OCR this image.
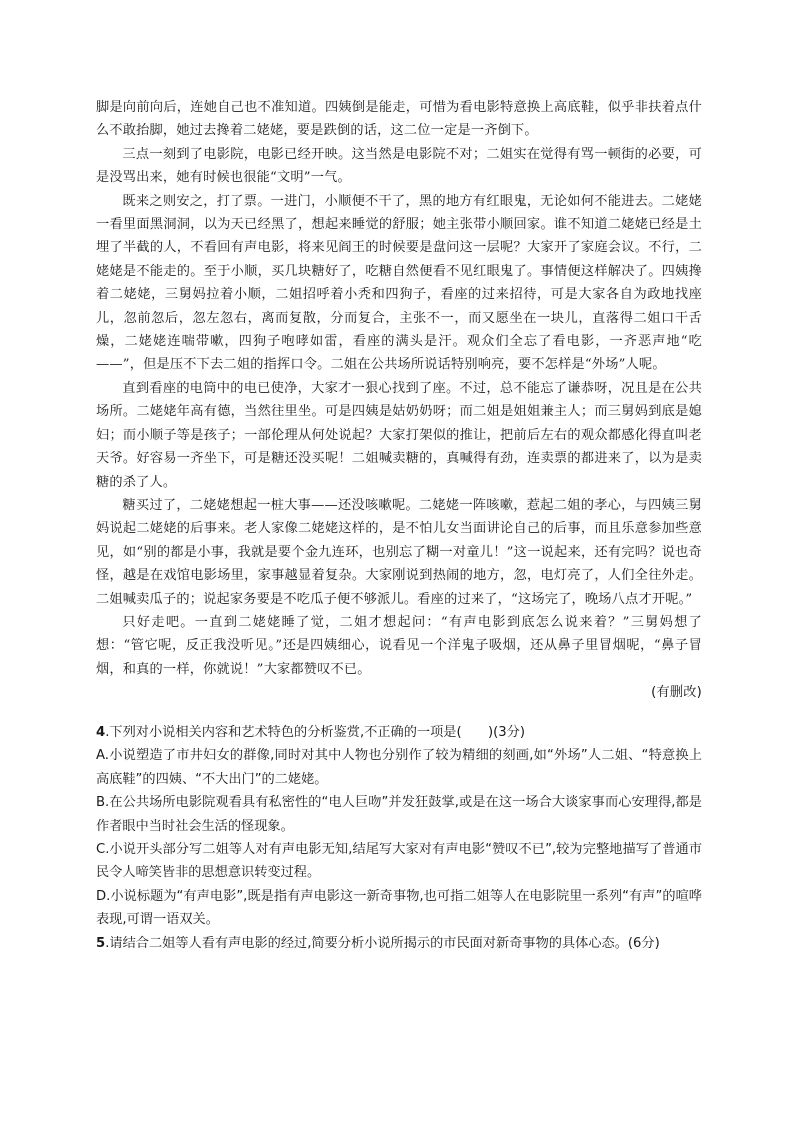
脚是向前向后，连她自己也不准知道。四姨倒是能走，可惜为看电影特意换上高底鞋，似乎非扶着点什么不敢抬脚，她过去搀着二姥姥，要是跌倒的话，这二位一定是一齐倒下。

三点一刻到了电影院，电影已经开映。这当然是电影院不对；二姐实在觉得有骂一顿街的必要，可是没骂出来，她有时候也很能“文明”一气。

既来之则安之，打了票。一进门，小顺便不干了，黑的地方有红眼鬼，无论如何不能进去。二姥姥一看里面黑洞洞，以为天已经黑了，想起来睡觉的舒服；她主张带小顺回家。谁不知道二姥姥已经是土埋了半截的人，不看回有声电影，将来见阎王的时候要是盘问这一层呢？大家开了家庭会议。不行，二姥姥是不能走的。至于小顺，买几块糖好了，吃糖自然便看不见红眼鬼了。事情便这样解决了。四姨搀着二姥姥，三舅妈拉着小顺，二姐招呼着小秃和四狗子，看座的过来招待，可是大家各自为政地找座儿，忽前忽后，忽左忽右，离而复散，分而复合，主张不一，而又愿坐在一块儿，直落得二姐口干舌燥，二姥姥连喘带嗽，四狗子咆哮如雷，看座的满头是汗。观众们全忘了看电影，一齐恶声地“吃——”，但是压不下去二姐的指挥口令。二姐在公共场所说话特别响亮，要不怎样是“外场”人呢。

直到看座的电筒中的电已使净，大家才一狠心找到了座。不过，总不能忘了谦恭呀，况且是在公共场所。二姥姥年高有德，当然往里坐。可是四姨是姑奶奶呀；而二姐是姐姐兼主人；而三舅妈到底是媳妇；而小顺子等是孩子；一部伦理从何处说起？大家打架似的推让，把前后左右的观众都感化得直叫老天爷。好容易一齐坐下，可是糖还没买呢！二姐喊卖糖的，真喊得有劲，连卖票的都进来了，以为是卖糖的杀了人。

糖买过了，二姥姥想起一桩大事——还没咳嗽呢。二姥姥一阵咳嗽，惹起二姐的孝心，与四姨三舅妈说起二姥姥的后事来。老人家像二姥姥这样的，是不怕儿女当面讲论自己的后事，而且乐意参加些意见，如“别的都是小事，我就是要个金九连环，也别忘了糊一对童儿！”这一说起来，还有完吗？说也奇怪，越是在戏馆电影场里，家事越显着复杂。大家刚说到热闹的地方，忽，电灯亮了，人们全往外走。二姐喊卖瓜子的；说起家务要是不吃瓜子便不够派儿。看座的过来了，“这场完了，晚场八点才开呢。”

只好走吧。一直到二姥姥睡了觉，二姐才想起问：“有声电影到底怎么说来着？”三舅妈想了想：“管它呢，反正我没听见。”还是四姨细心，说看见一个洋鬼子吸烟，还从鼻子里冒烟呢，“鼻子冒烟，和真的一样，你就说！”大家都赞叹不已。

(有删改)

4.下列对小说相关内容和艺术特色的分析鉴赏,不正确的一项是(　　)(3分)

A.小说塑造了市井妇女的群像,同时对其中人物也分别作了较为精细的刻画,如“外场”人二姐、“特意换上高底鞋”的四姨、“不大出门”的二姥姥。

B.在公共场所电影院观看具有私密性的“电人巨吻”并发狂鼓掌,或是在这一场合大谈家事而心安理得,都是作者眼中当时社会生活的怪现象。

C.小说开头部分写二姐等人对有声电影无知,结尾写大家对有声电影“赞叹不已”,较为完整地描写了普通市民令人啼笑皆非的思想意识转变过程。

D.小说标题为“有声电影”,既是指有声电影这一新奇事物,也可指二姐等人在电影院里一系列“有声”的喧哗表现,可谓一语双关。

5.请结合二姐等人看有声电影的经过,简要分析小说所揭示的市民面对新奇事物的具体心态。(6分)
